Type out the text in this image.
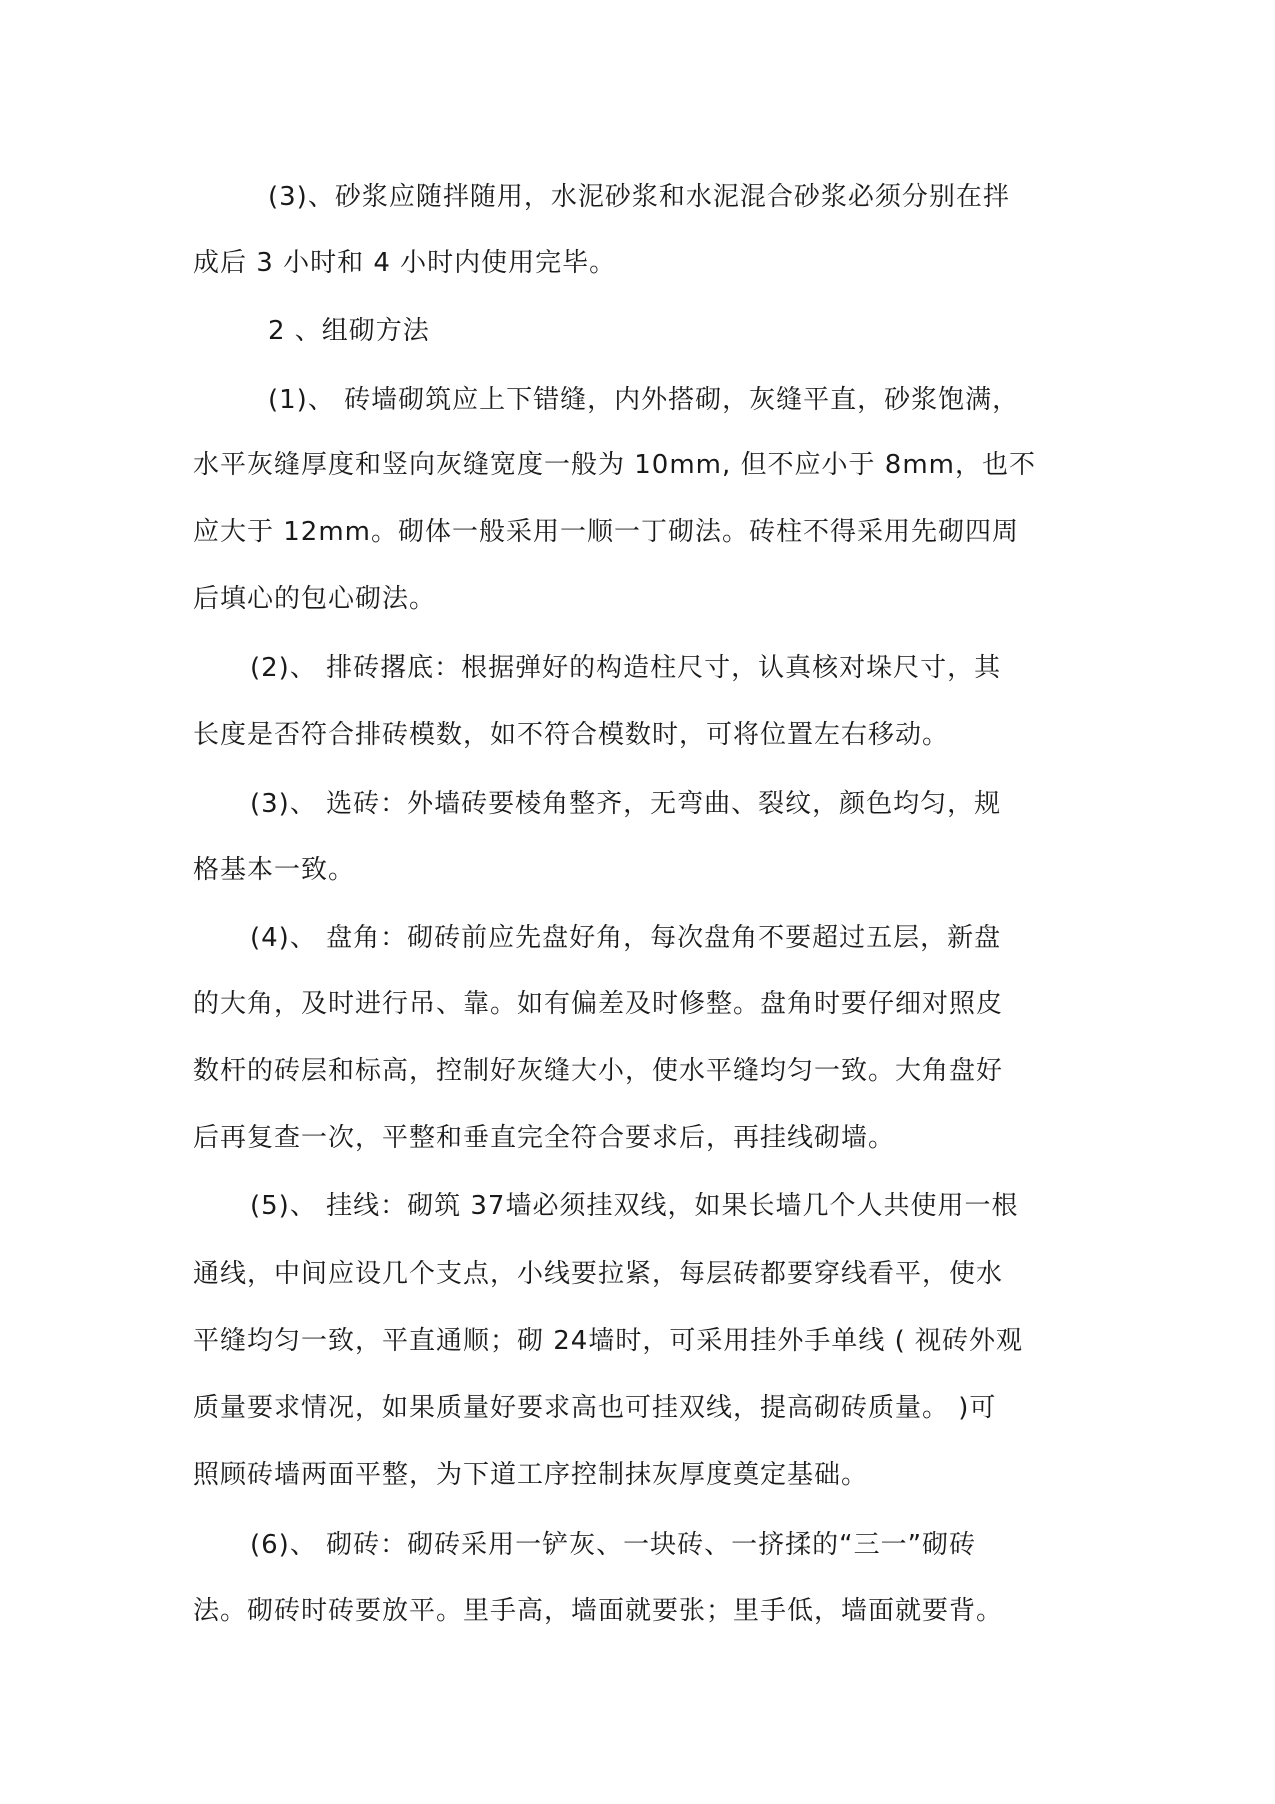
(3)、砂浆应随拌随用，水泥砂浆和水泥混合砂浆必须分别在拌
成后 3 小时和 4 小时内使用完毕。
2 、组砌方法
(1)、 砖墙砌筑应上下错缝，内外搭砌，灰缝平直，砂浆饱满，
水平灰缝厚度和竖向灰缝宽度一般为 10mm, 但不应小于 8mm，也不
应大于 12mm。砌体一般采用一顺一丁砌法。砖柱不得采用先砌四周
后填心的包心砌法。
(2)、 排砖撂底：根据弹好的构造柱尺寸，认真核对垛尺寸，其
长度是否符合排砖模数，如不符合模数时，可将位置左右移动。
(3)、 选砖：外墙砖要棱角整齐，无弯曲、裂纹，颜色均匀，规
格基本一致。
(4)、 盘角：砌砖前应先盘好角，每次盘角不要超过五层，新盘
的大角，及时进行吊、靠。如有偏差及时修整。盘角时要仔细对照皮
数杆的砖层和标高，控制好灰缝大小，使水平缝均匀一致。大角盘好
后再复查一次，平整和垂直完全符合要求后，再挂线砌墙。
(5)、 挂线：砌筑 37墙必须挂双线，如果长墙几个人共使用一根
通线，中间应设几个支点，小线要拉紧，每层砖都要穿线看平，使水
平缝均匀一致，平直通顺；砌 24墙时，可采用挂外手单线 ( 视砖外观
质量要求情况，如果质量好要求高也可挂双线，提高砌砖质量。 )可
照顾砖墙两面平整，为下道工序控制抹灰厚度奠定基础。
(6)、 砌砖：砌砖采用一铲灰、一块砖、一挤揉的“三一”砌砖
法。砌砖时砖要放平。里手高，墙面就要张；里手低，墙面就要背。
